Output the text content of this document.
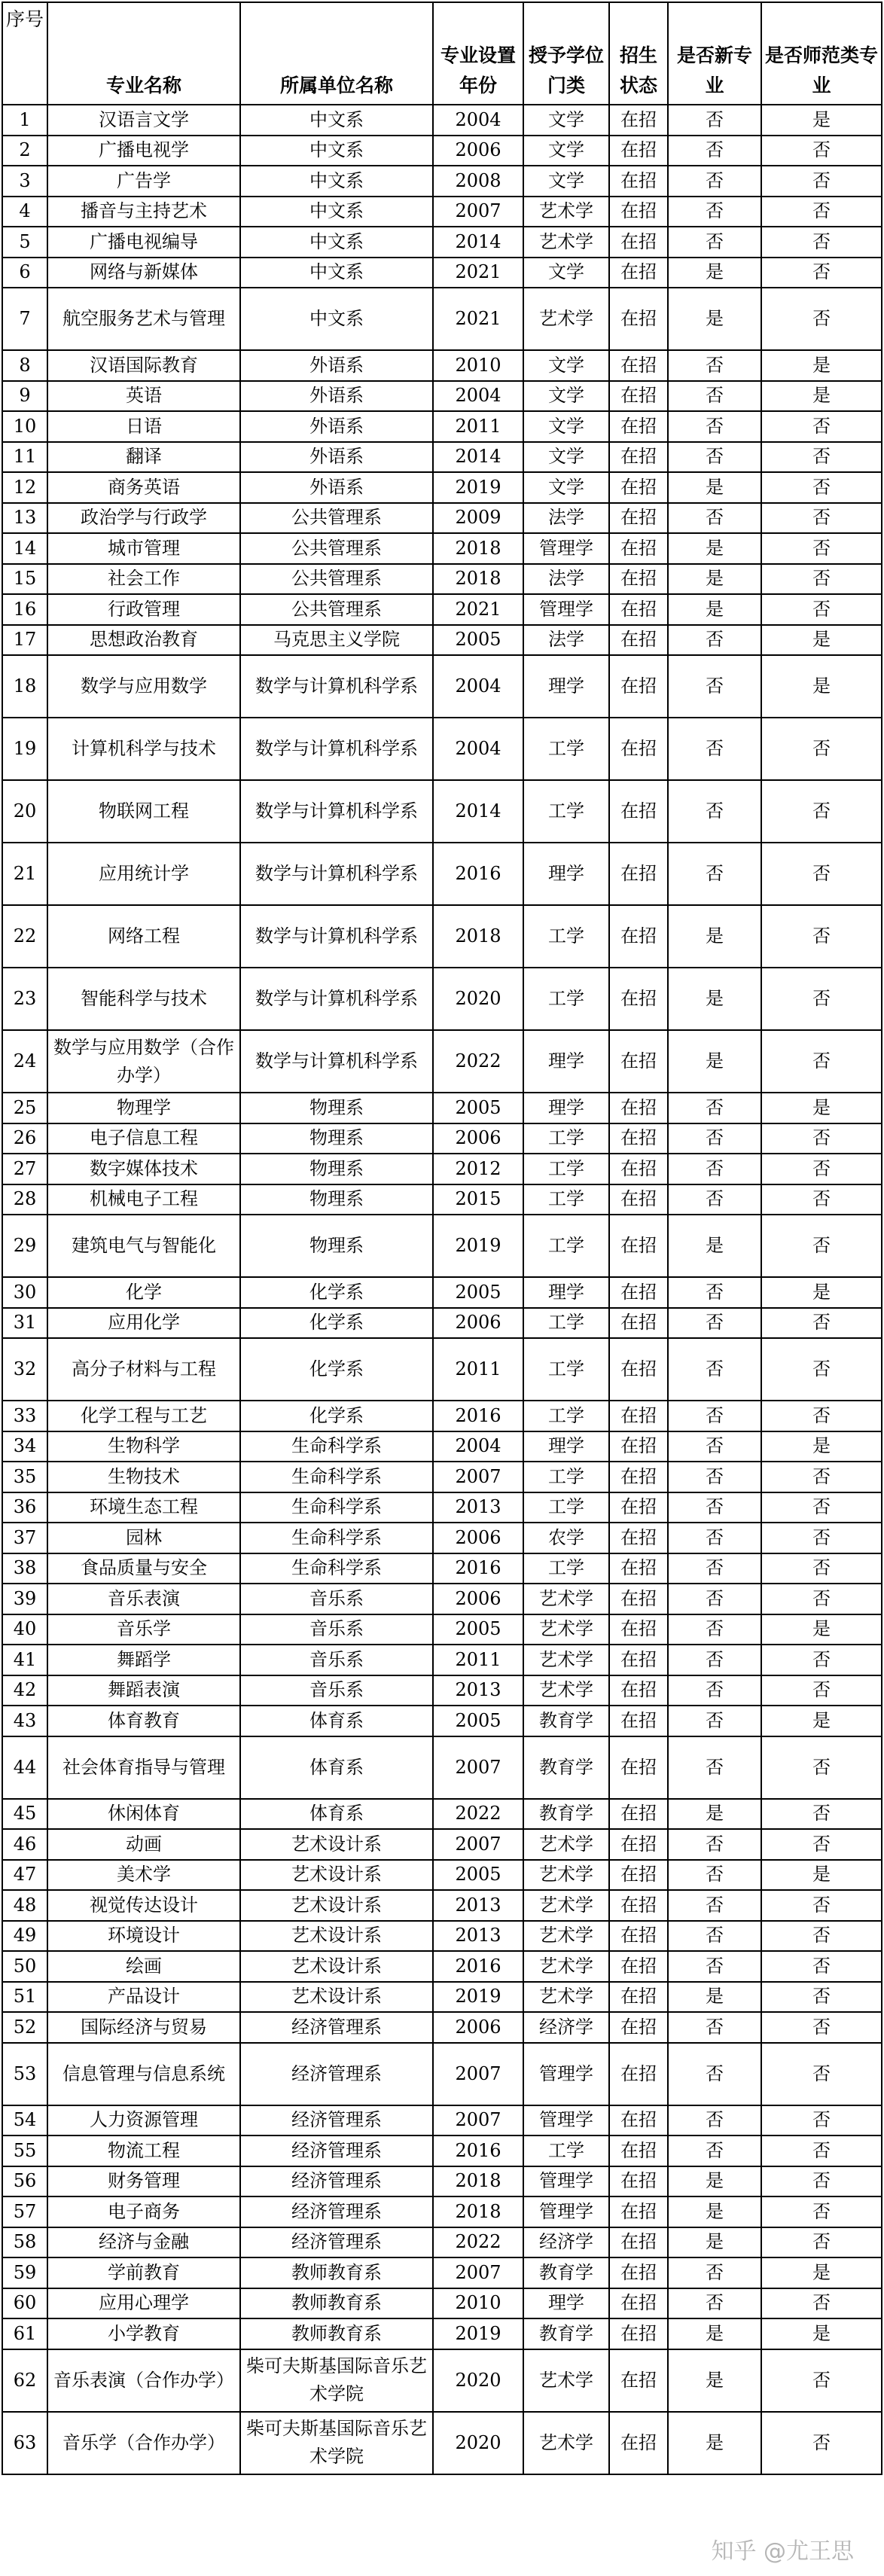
序号	专业名称	所属单位名称	专业设置年份	授予学位门类	招生状态	是否新专业	是否师范类专业
1	汉语言文学	中文系	2004	文学	在招	否	是
2	广播电视学	中文系	2006	文学	在招	否	否
3	广告学	中文系	2008	文学	在招	否	否
4	播音与主持艺术	中文系	2007	艺术学	在招	否	否
5	广播电视编导	中文系	2014	艺术学	在招	否	否
6	网络与新媒体	中文系	2021	文学	在招	是	否
7	航空服务艺术与管理	中文系	2021	艺术学	在招	是	否
8	汉语国际教育	外语系	2010	文学	在招	否	是
9	英语	外语系	2004	文学	在招	否	是
10	日语	外语系	2011	文学	在招	否	否
11	翻译	外语系	2014	文学	在招	否	否
12	商务英语	外语系	2019	文学	在招	是	否
13	政治学与行政学	公共管理系	2009	法学	在招	否	否
14	城市管理	公共管理系	2018	管理学	在招	是	否
15	社会工作	公共管理系	2018	法学	在招	是	否
16	行政管理	公共管理系	2021	管理学	在招	是	否
17	思想政治教育	马克思主义学院	2005	法学	在招	否	是
18	数学与应用数学	数学与计算机科学系	2004	理学	在招	否	是
19	计算机科学与技术	数学与计算机科学系	2004	工学	在招	否	否
20	物联网工程	数学与计算机科学系	2014	工学	在招	否	否
21	应用统计学	数学与计算机科学系	2016	理学	在招	否	否
22	网络工程	数学与计算机科学系	2018	工学	在招	是	否
23	智能科学与技术	数学与计算机科学系	2020	工学	在招	是	否
24	数学与应用数学（合作办学）	数学与计算机科学系	2022	理学	在招	是	否
25	物理学	物理系	2005	理学	在招	否	是
26	电子信息工程	物理系	2006	工学	在招	否	否
27	数字媒体技术	物理系	2012	工学	在招	否	否
28	机械电子工程	物理系	2015	工学	在招	否	否
29	建筑电气与智能化	物理系	2019	工学	在招	是	否
30	化学	化学系	2005	理学	在招	否	是
31	应用化学	化学系	2006	工学	在招	否	否
32	高分子材料与工程	化学系	2011	工学	在招	否	否
33	化学工程与工艺	化学系	2016	工学	在招	否	否
34	生物科学	生命科学系	2004	理学	在招	否	是
35	生物技术	生命科学系	2007	工学	在招	否	否
36	环境生态工程	生命科学系	2013	工学	在招	否	否
37	园林	生命科学系	2006	农学	在招	否	否
38	食品质量与安全	生命科学系	2016	工学	在招	否	否
39	音乐表演	音乐系	2006	艺术学	在招	否	否
40	音乐学	音乐系	2005	艺术学	在招	否	是
41	舞蹈学	音乐系	2011	艺术学	在招	否	否
42	舞蹈表演	音乐系	2013	艺术学	在招	否	否
43	体育教育	体育系	2005	教育学	在招	否	是
44	社会体育指导与管理	体育系	2007	教育学	在招	否	否
45	休闲体育	体育系	2022	教育学	在招	是	否
46	动画	艺术设计系	2007	艺术学	在招	否	否
47	美术学	艺术设计系	2005	艺术学	在招	否	是
48	视觉传达设计	艺术设计系	2013	艺术学	在招	否	否
49	环境设计	艺术设计系	2013	艺术学	在招	否	否
50	绘画	艺术设计系	2016	艺术学	在招	否	否
51	产品设计	艺术设计系	2019	艺术学	在招	是	否
52	国际经济与贸易	经济管理系	2006	经济学	在招	否	否
53	信息管理与信息系统	经济管理系	2007	管理学	在招	否	否
54	人力资源管理	经济管理系	2007	管理学	在招	否	否
55	物流工程	经济管理系	2016	工学	在招	否	否
56	财务管理	经济管理系	2018	管理学	在招	是	否
57	电子商务	经济管理系	2018	管理学	在招	是	否
58	经济与金融	经济管理系	2022	经济学	在招	是	否
59	学前教育	教师教育系	2007	教育学	在招	否	是
60	应用心理学	教师教育系	2010	理学	在招	否	否
61	小学教育	教师教育系	2019	教育学	在招	是	是
62	音乐表演（合作办学）	柴可夫斯基国际音乐艺术学院	2020	艺术学	在招	是	否
63	音乐学（合作办学）	柴可夫斯基国际音乐艺术学院	2020	艺术学	在招	是	否
知乎 @尤王思
